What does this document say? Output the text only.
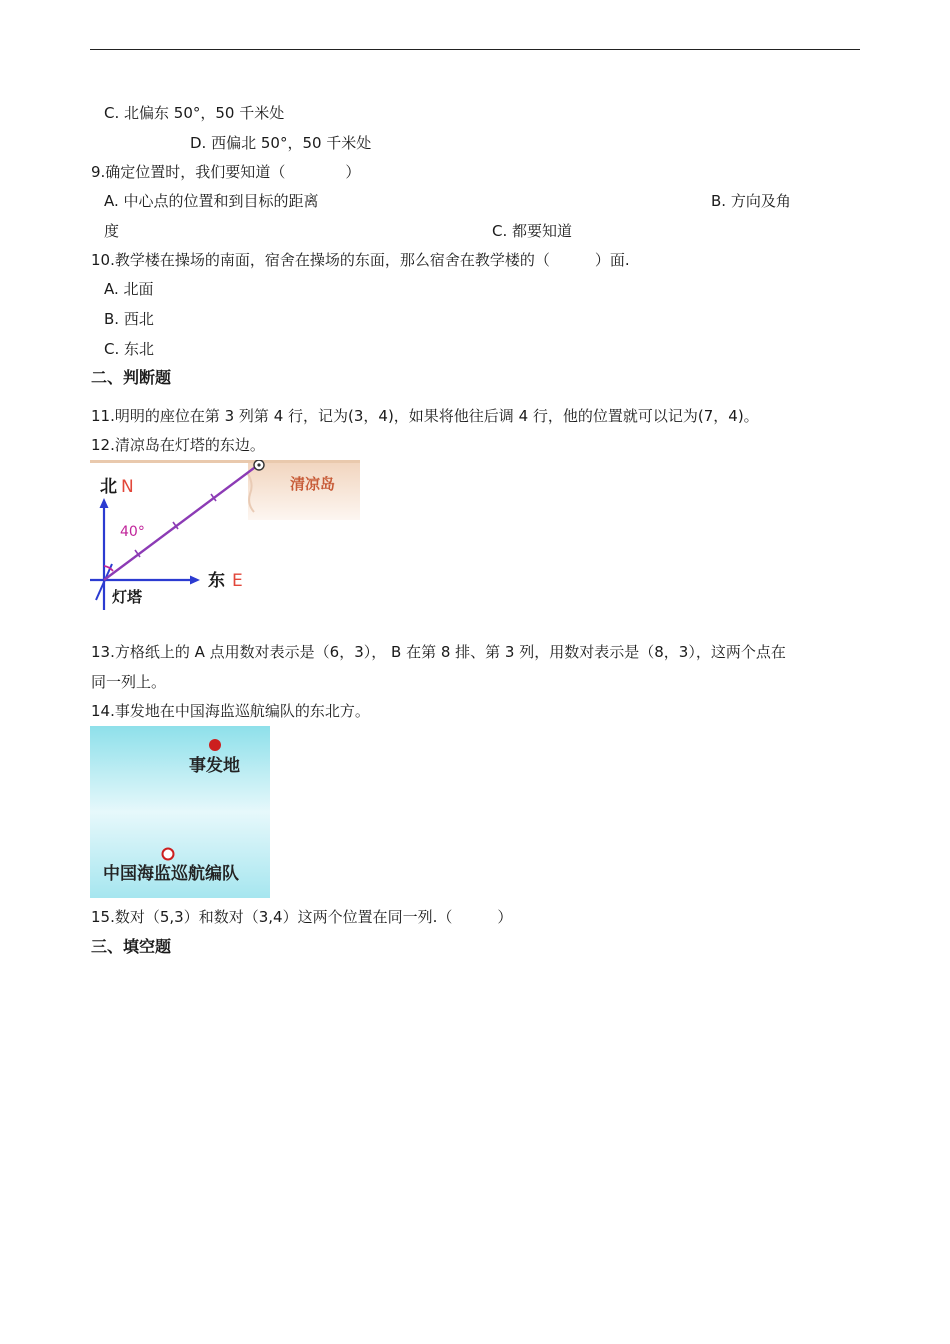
C. 北偏东 50°，50 千米处
D. 西偏北 50°，50 千米处
9.确定位置时，我们要知道（　　　　）
A. 中心点的位置和到目标的距离	B. 方向及角
度	C. 都要知道
10.教学楼在操场的南面，宿舍在操场的东面，那么宿舍在教学楼的（　　　）面.
A. 北面
B. 西北
C. 东北
二、判断题
11.明明的座位在第 3 列第 4 行，记为(3，4)，如果将他往后调 4 行，他的位置就可以记为(7，4)。
12.清凉岛在灯塔的东边。
北 N
40°
东 E
灯塔
清凉岛
13.方格纸上的 A 点用数对表示是（6，3）， B 在第 8 排、第 3 列，用数对表示是（8，3），这两个点在
同一列上。
14.事发地在中国海监巡航编队的东北方。
事发地
中国海监巡航编队
15.数对（5,3）和数对（3,4）这两个位置在同一列.（　　　）
三、填空题
